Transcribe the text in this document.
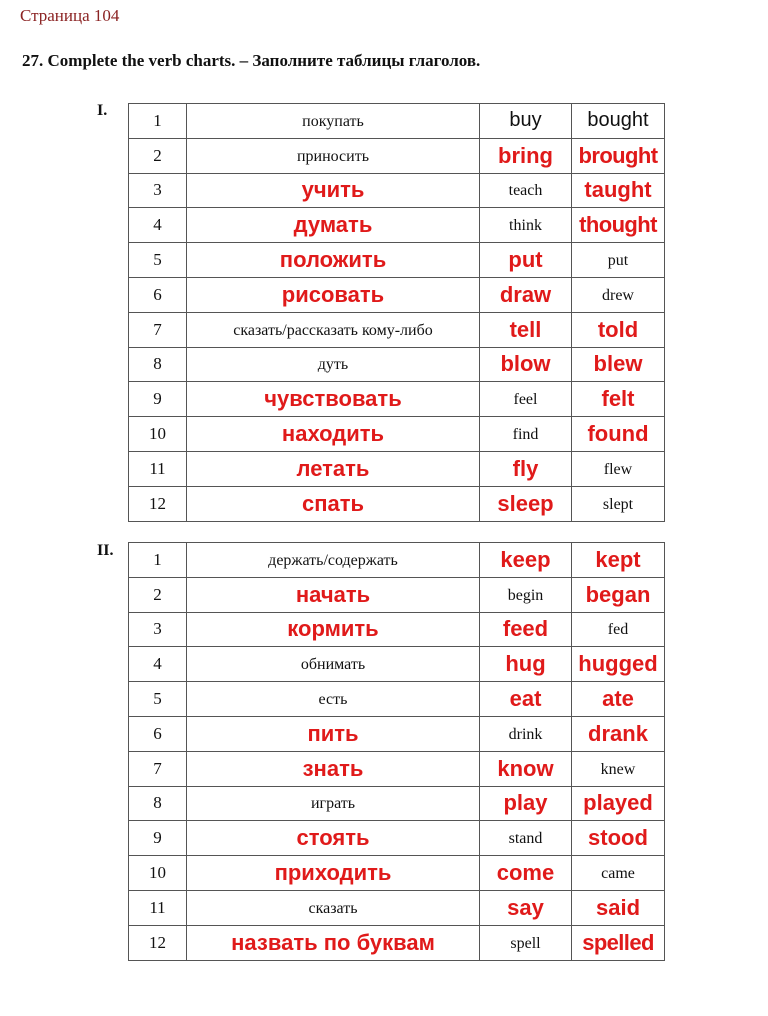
Страница 104
27. Complete the verb charts. – Заполните таблицы глаголов.
I.
1	покупать	buy	bought
2	приносить	bring	brought
3	учить	teach	taught
4	думать	think	thought
5	положить	put	put
6	рисовать	draw	drew
7	сказать/рассказать кому-либо	tell	told
8	дуть	blow	blew
9	чувствовать	feel	felt
10	находить	find	found
11	летать	fly	flew
12	спать	sleep	slept
II. 1	держать/содержать	keep	kept
2	начать	begin	began
3	кормить	feed	fed
4	обнимать	hug	hugged
5	есть	eat	ate
6	пить	drink	drank
7	знать	know	knew
8	играть	play	played
9	стоять	stand	stood
10	приходить	come	came
11	сказать	say	said
12	назвать по буквам	spell	spelled
